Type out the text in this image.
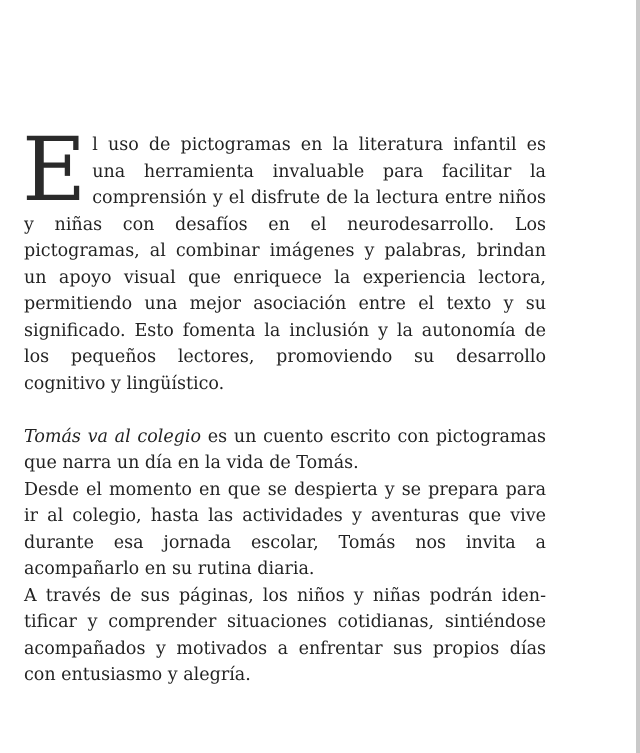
El uso de pictogramas en la literatura infantil es una herramienta invaluable para facilitar la comprensión y el disfrute de la lectura entre niños y niñas con desafíos en el neurodesarrollo. Los pictogramas, al combinar imágenes y palabras, brindan un apoyo visual que enriquece la experiencia lectora, permitiendo una mejor asociación entre el texto y su significado. Esto fomenta la inclusión y la autonomía de los pequeños lectores, promoviendo su desarrollo cognitivo y lingüístico.

Tomás va al colegio es un cuento escrito con pictogramas que narra un día en la vida de Tomás.

Desde el momento en que se despierta y se prepara para ir al colegio, hasta las actividades y aventuras que vive durante esa jornada escolar, Tomás nos invita a acompañarlo en su rutina diaria.

A través de sus páginas, los niños y niñas podrán identificar y comprender situaciones cotidianas, sintiéndose acompañados y motivados a enfrentar sus propios días con entusiasmo y alegría.
